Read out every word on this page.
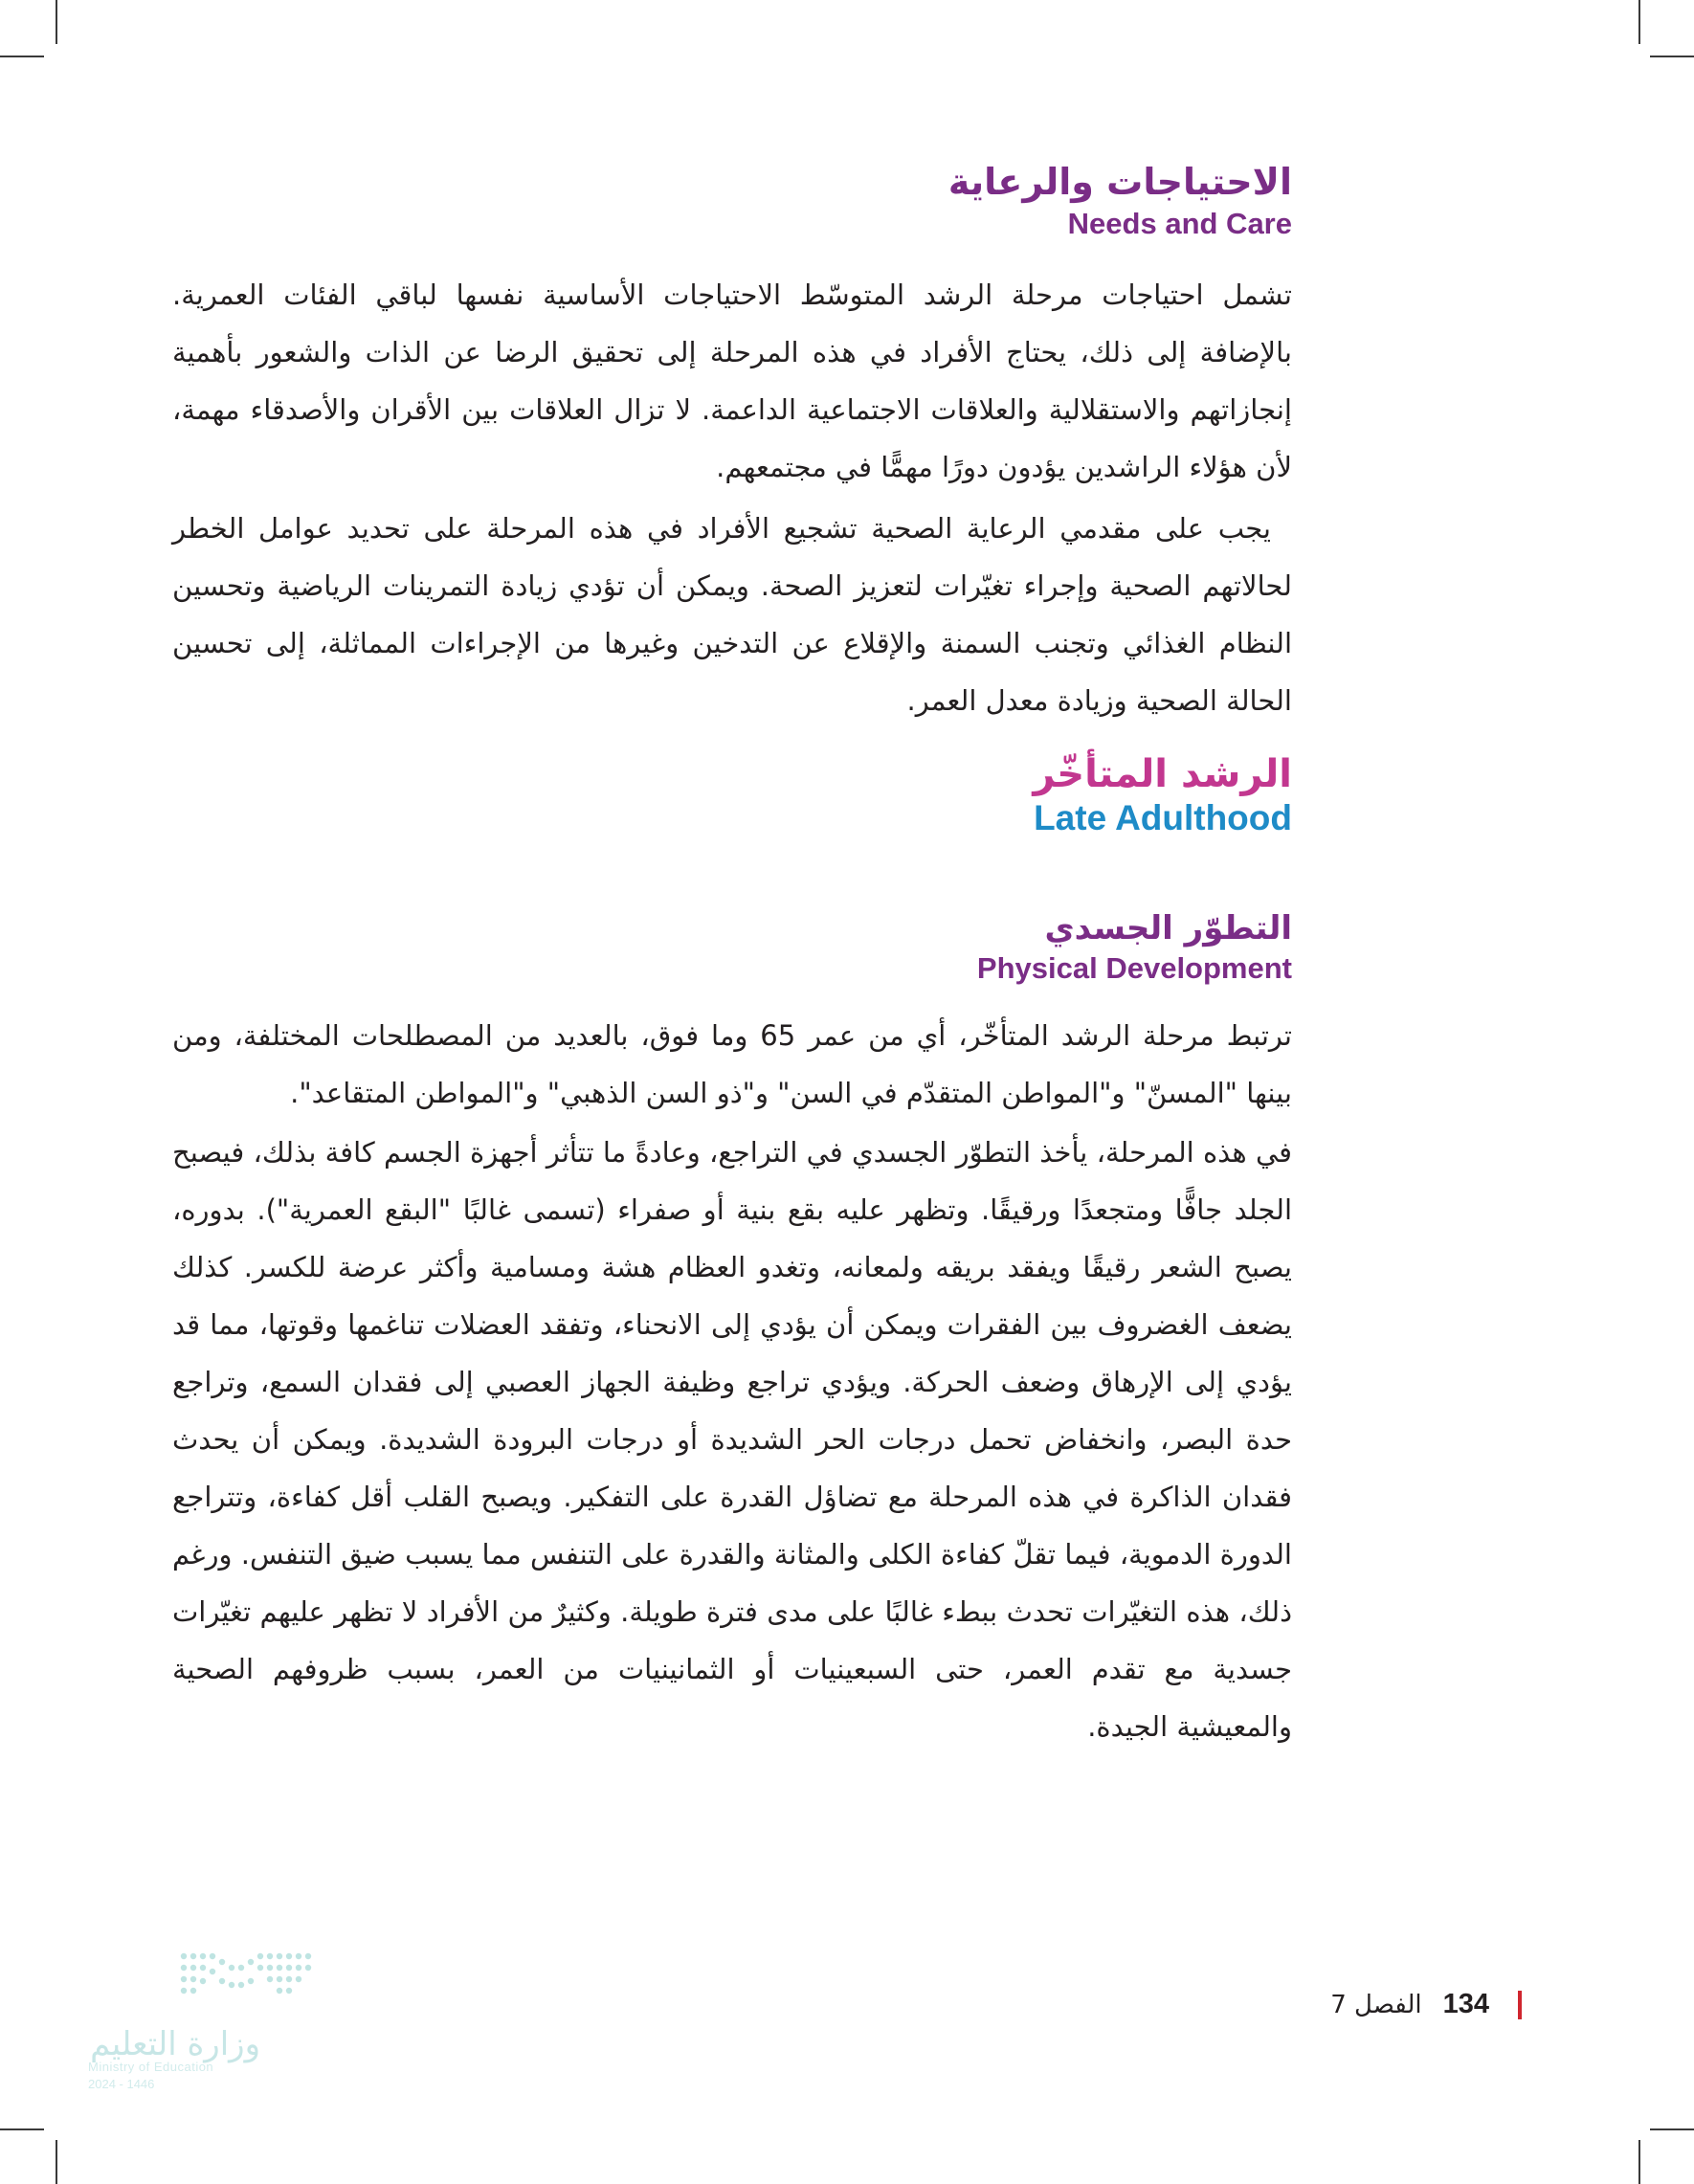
الاحتياجات والرعاية
Needs and Care

تشمل احتياجات مرحلة الرشد المتوسّط الاحتياجات الأساسية نفسها لباقي الفئات العمرية. بالإضافة إلى ذلك، يحتاج الأفراد في هذه المرحلة إلى تحقيق الرضا عن الذات والشعور بأهمية إنجازاتهم والاستقلالية والعلاقات الاجتماعية الداعمة. لا تزال العلاقات بين الأقران والأصدقاء مهمة، لأن هؤلاء الراشدين يؤدون دورًا مهمًّا في مجتمعهم.

يجب على مقدمي الرعاية الصحية تشجيع الأفراد في هذه المرحلة على تحديد عوامل الخطر لحالاتهم الصحية وإجراء تغيّرات لتعزيز الصحة. ويمكن أن تؤدي زيادة التمرينات الرياضية وتحسين النظام الغذائي وتجنب السمنة والإقلاع عن التدخين وغيرها من الإجراءات المماثلة، إلى تحسين الحالة الصحية وزيادة معدل العمر.

الرشد المتأخّر
Late Adulthood
التطوّر الجسدي
Physical Development

ترتبط مرحلة الرشد المتأخّر، أي من عمر 65 وما فوق، بالعديد من المصطلحات المختلفة، ومن بينها "المسنّ" و"المواطن المتقدّم في السن" و"ذو السن الذهبي" و"المواطن المتقاعد".

في هذه المرحلة، يأخذ التطوّر الجسدي في التراجع، وعادةً ما تتأثر أجهزة الجسم كافة بذلك، فيصبح الجلد جافًّا ومتجعدًا ورقيقًا. وتظهر عليه بقع بنية أو صفراء (تسمى غالبًا "البقع العمرية"). بدوره، يصبح الشعر رقيقًا ويفقد بريقه ولمعانه، وتغدو العظام هشة ومسامية وأكثر عرضة للكسر. كذلك يضعف الغضروف بين الفقرات ويمكن أن يؤدي إلى الانحناء، وتفقد العضلات تناغمها وقوتها، مما قد يؤدي إلى الإرهاق وضعف الحركة. ويؤدي تراجع وظيفة الجهاز العصبي إلى فقدان السمع، وتراجع حدة البصر، وانخفاض تحمل درجات الحر الشديدة أو درجات البرودة الشديدة. ويمكن أن يحدث فقدان الذاكرة في هذه المرحلة مع تضاؤل القدرة على التفكير. ويصبح القلب أقل كفاءة، وتتراجع الدورة الدموية، فيما تقلّ كفاءة الكلى والمثانة والقدرة على التنفس مما يسبب ضيق التنفس. ورغم ذلك، هذه التغيّرات تحدث ببطء غالبًا على مدى فترة طويلة. وكثيرٌ من الأفراد لا تظهر عليهم تغيّرات جسدية مع تقدم العمر، حتى السبعينيات أو الثمانينيات من العمر، بسبب ظروفهم الصحية والمعيشية الجيدة.

134
الفصل 7
وزارة التعليم
Ministry of Education
2024 - 1446
